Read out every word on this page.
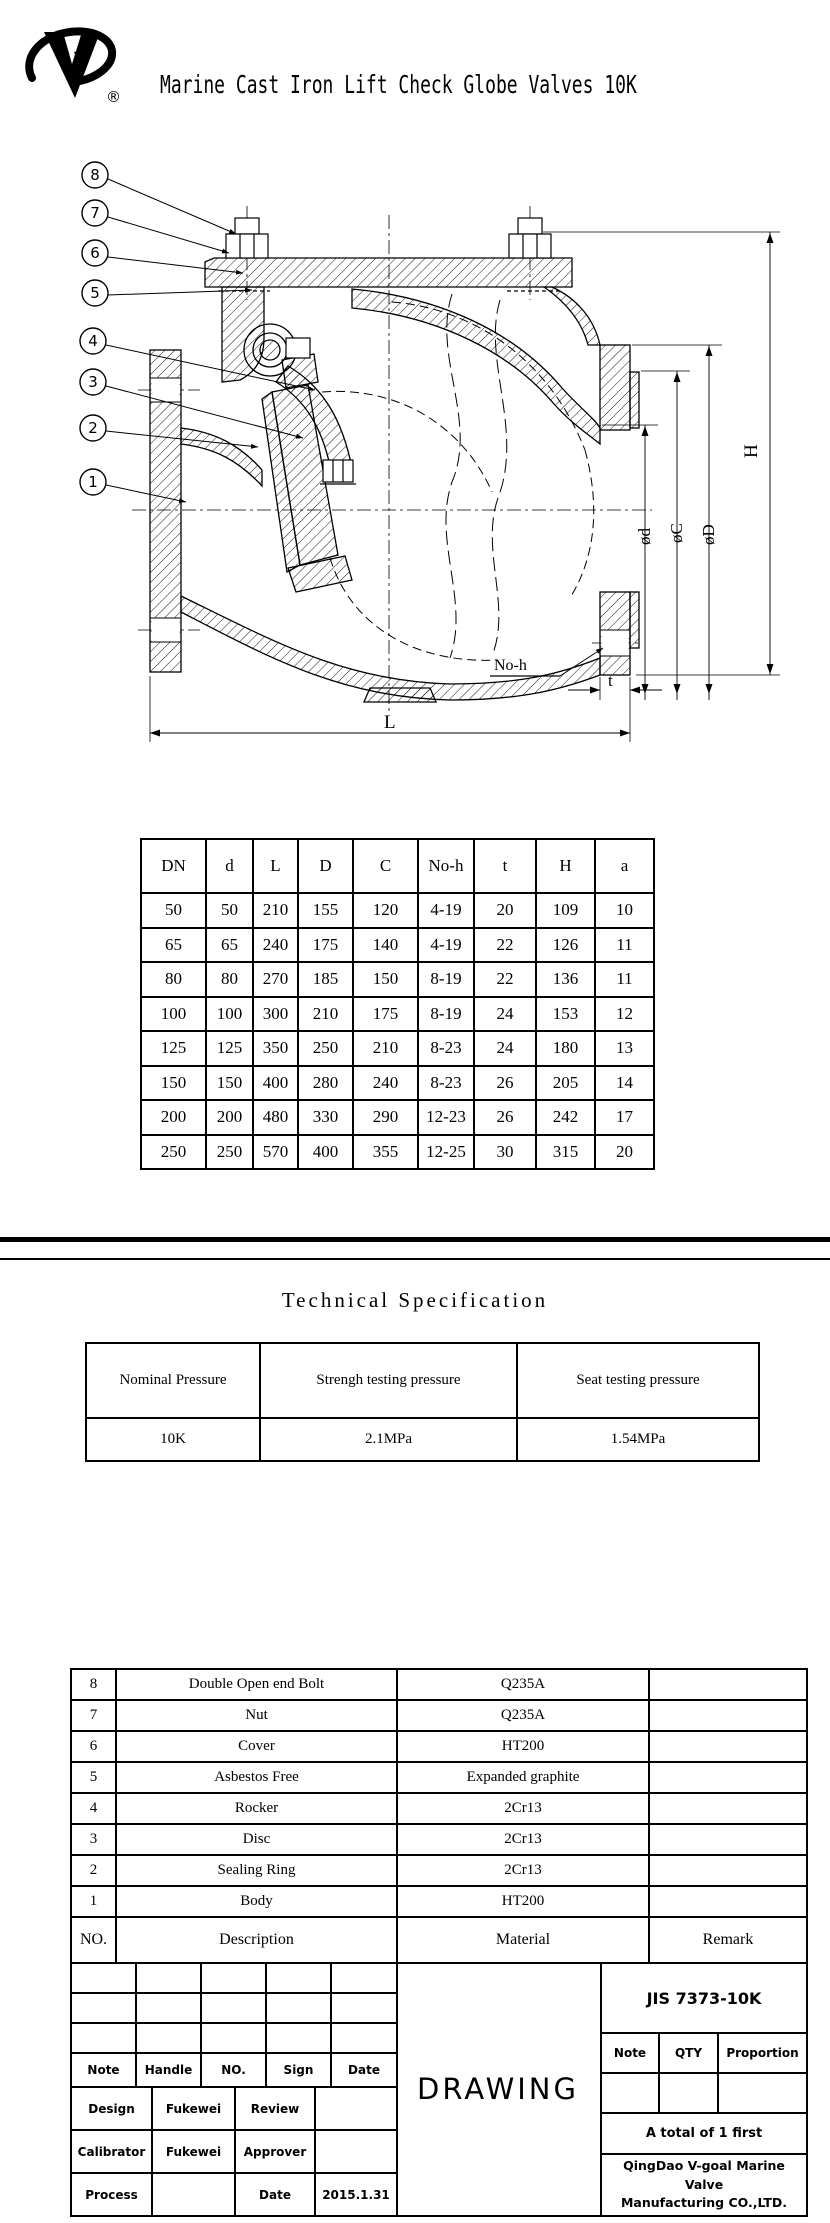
® Marine Cast Iron Lift Check Globe Valves 10K
H
ød øC øD
L
t
No-h
8
7
6
5
4
3
2
1
DN	d	L	D	C	No-h	t	H	a
50	50	210	155	120	4-19	20	109	10
65	65	240	175	140	4-19	22	126	11
80	80	270	185	150	8-19	22	136	11
100	100	300	210	175	8-19	24	153	12
125	125	350	250	210	8-23	24	180	13
150	150	400	280	240	8-23	26	205	14
200	200	480	330	290	12-23	26	242	17
250	250	570	400	355	12-25	30	315	20
Technical Specification
Nominal Pressure	Strengh testing pressure	Seat testing pressure
10K	2.1MPa	1.54MPa
8	Double Open end Bolt	Q235A	
7	Nut	Q235A	
6	Cover	HT200	
5	Asbestos Free	Expanded graphite	
4	Rocker	2Cr13	
3	Disc	2Cr13	
2	Sealing Ring	2Cr13	
1	Body	HT200	
NO.	Description	Material	Remark

Note	Handle	NO.	Sign	Date
Design	Fukewei	Review	
Calibrator	Fukewei	Approver	
Process		Date	2015.1.31
DRAWING
JIS 7373-10K		
Note	QTY	Proportion

A total of 1 first		

QingDao V-goal Marine Valve
Manufacturing CO.,LTD.		
